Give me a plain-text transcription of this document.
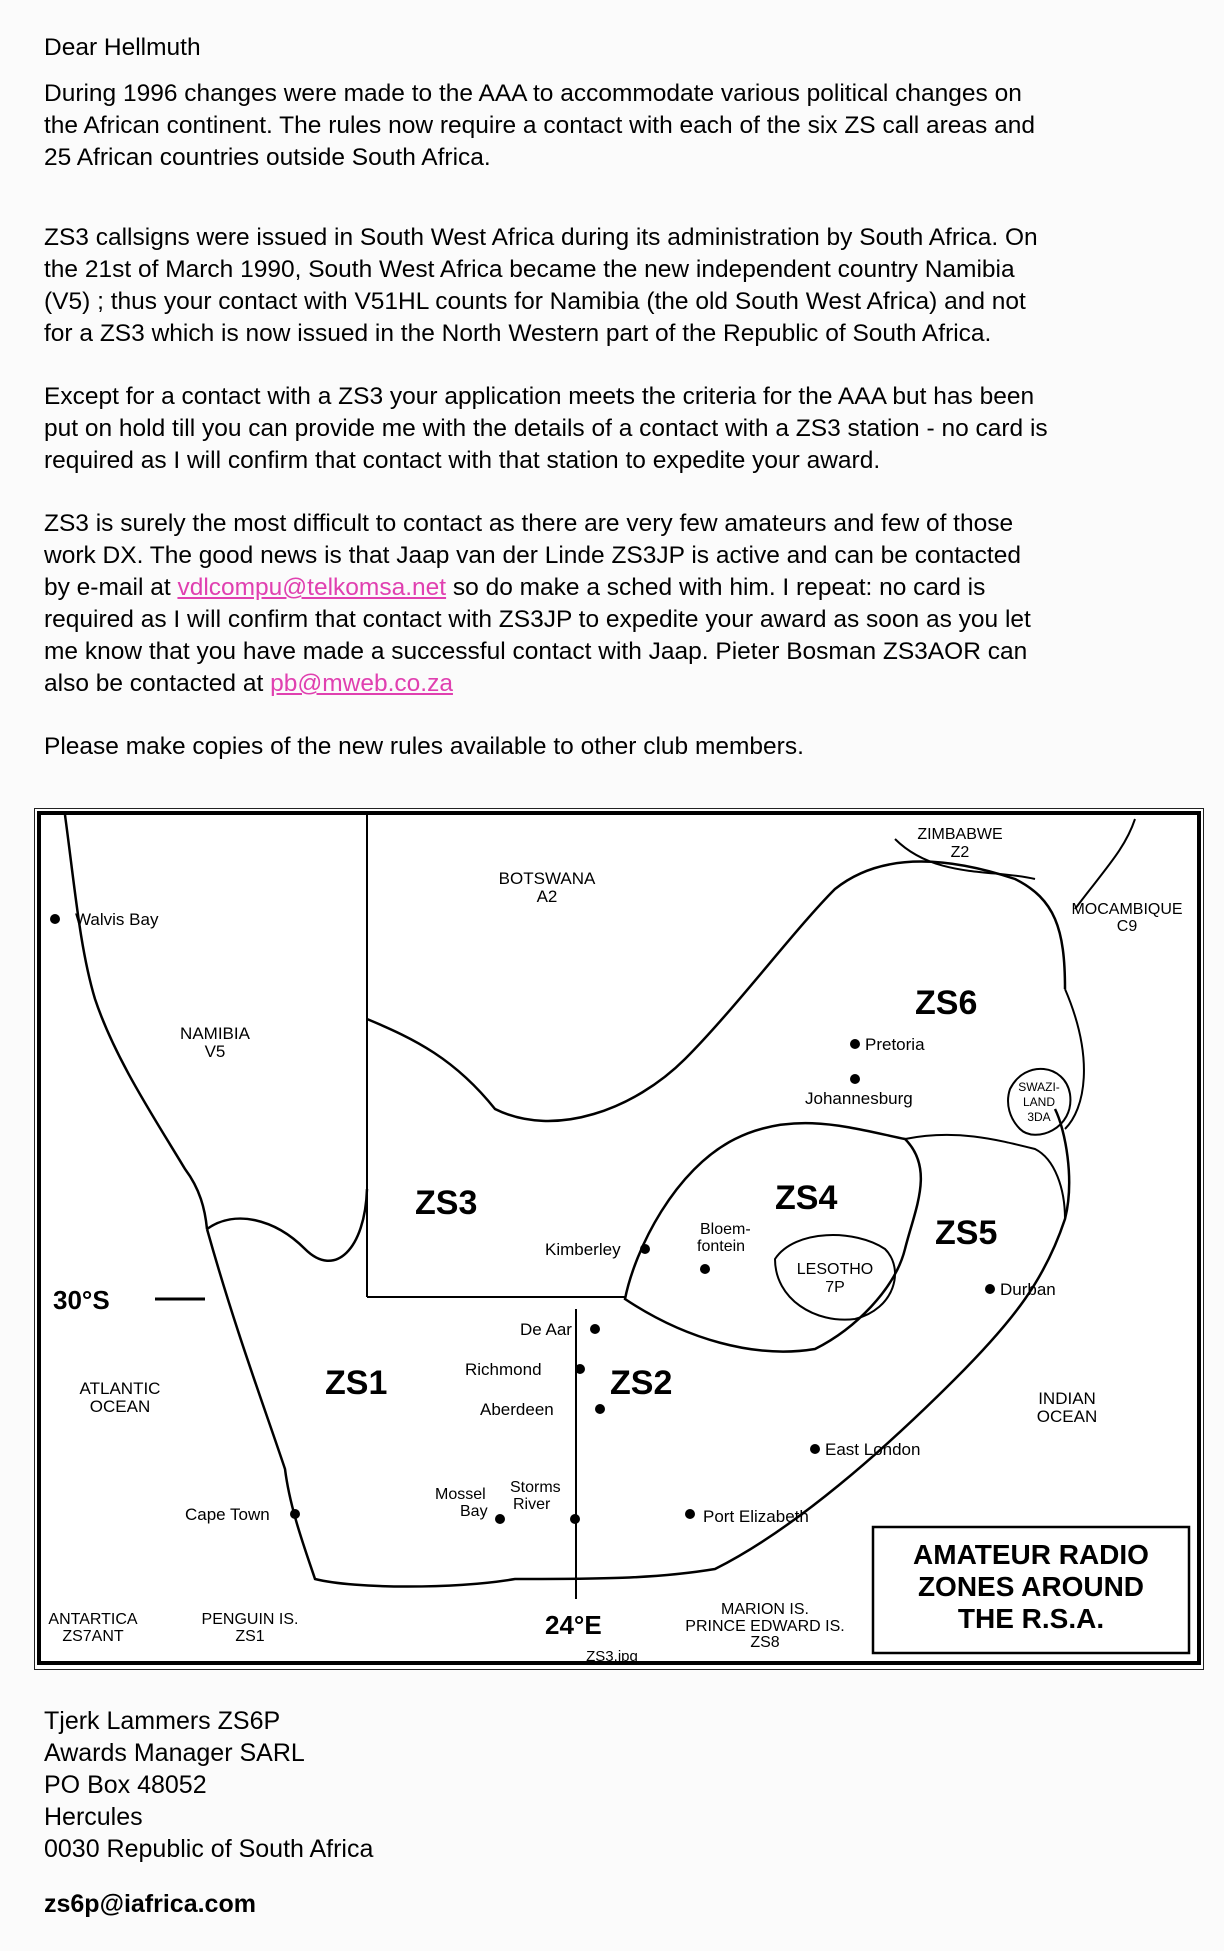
Dear Hellmuth

During 1996 changes were made to the AAA to accommodate various political changes on
the African continent. The rules now require a contact with each of the six ZS call areas and
25 African countries outside South Africa.

ZS3 callsigns were issued in South West Africa during its administration by South Africa. On
the 21st of March 1990, South West Africa became the new independent country Namibia
(V5) ; thus your contact with V51HL counts for Namibia (the old South West Africa) and not
for a ZS3 which is now issued in the North Western part of the Republic of South Africa.

Except for a contact with a ZS3 your application meets the criteria for the AAA but has been
put on hold till you can provide me with the details of a contact with a ZS3 station - no card is
required as I will confirm that contact with that station to expedite your award.

ZS3 is surely the most difficult to contact as there are very few amateurs and few of those
work DX. The good news is that Jaap van der Linde ZS3JP is active and can be contacted
by e-mail at vdlcompu@telkomsa.net so do make a sched with him. I repeat: no card is
required as I will confirm that contact with ZS3JP to expedite your award as soon as you let
me know that you have made a successful contact with Jaap. Pieter Bosman ZS3AOR can
also be contacted at pb@mweb.co.za

Please make copies of the new rules available to other club members.

ZS6
ZS3	ZS4
ZS5
ZS1	ZS2
BOTSWANA
A2
ZIMBABWE
Z2
MOCAMBIQUE
C9
NAMIBIA
V5
SWAZI-
LAND
3DA
LESOTHO
7P
ANTARTICA
ZS7ANT
PENGUIN IS.
ZS1
MARION IS.
PRINCE EDWARD IS.
ZS8
ATLANTIC
OCEAN	INDIAN
OCEAN
Walvis Bay
Pretoria
Johannesburg
Kimberley
Bloem-
fontein
Durban
De Aar
Richmond
Aberdeen
East London
Cape Town
Mossel
Bay
Storms
River
Port Elizabeth
30°S
24°E
AMATEUR RADIO
ZONES AROUND
THE R.S.A.
ZS3.jpg
Tjerk Lammers ZS6P
Awards Manager SARL
PO Box 48052
Hercules
0030 Republic of South Africa
zs6p@iafrica.com
